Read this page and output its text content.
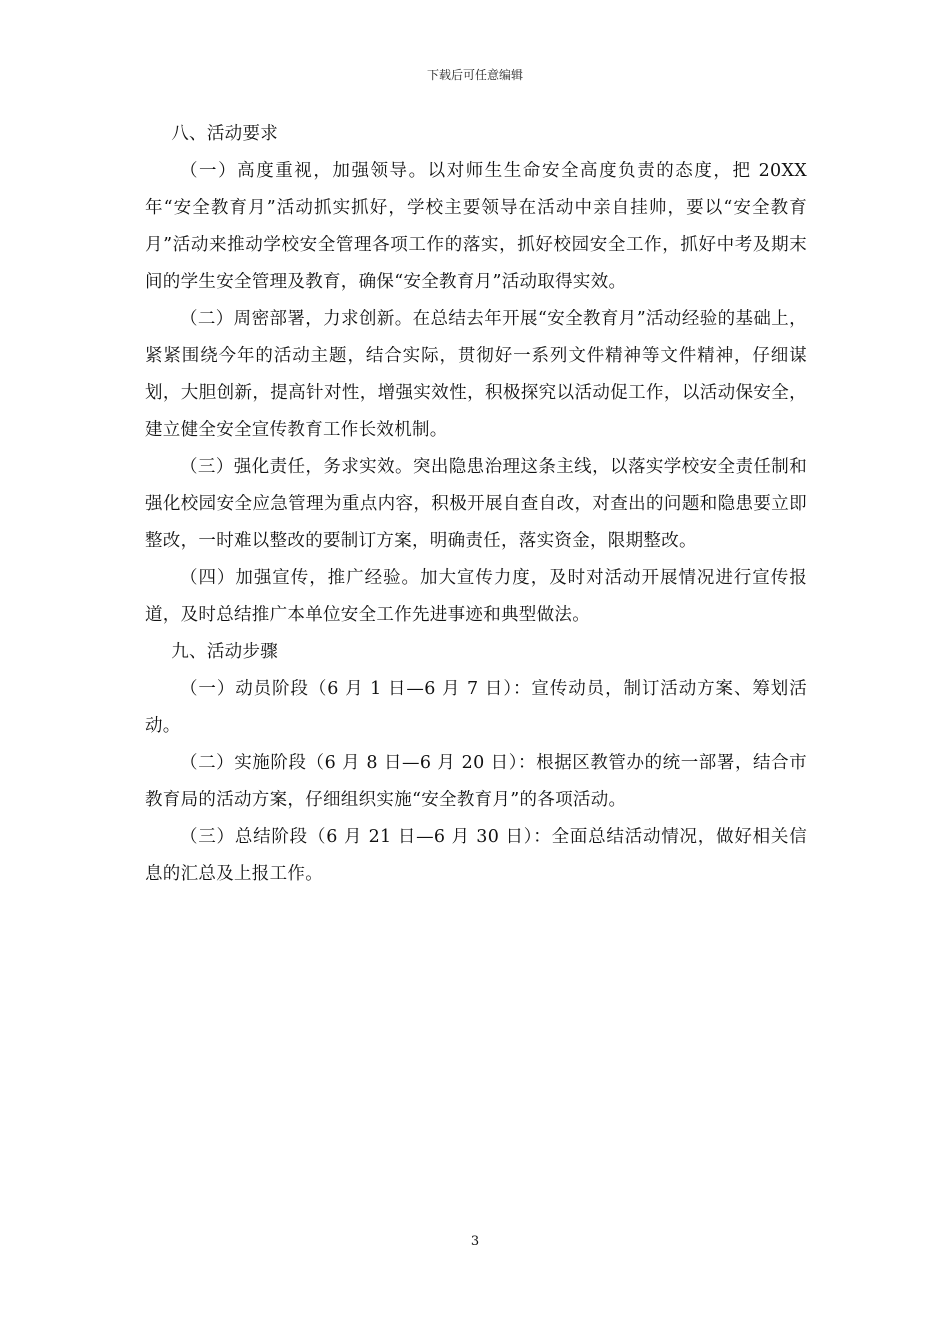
下载后可任意编辑

八、活动要求

（一）高度重视，加强领导。以对师生生命安全高度负责的态度，把 20XX 年“安全教育月”活动抓实抓好，学校主要领导在活动中亲自挂帅，要以“安全教育月”活动来推动学校安全管理各项工作的落实，抓好校园安全工作，抓好中考及期末间的学生安全管理及教育，确保“安全教育月”活动取得实效。

（二）周密部署，力求创新。在总结去年开展“安全教育月”活动经验的基础上，紧紧围绕今年的活动主题，结合实际，贯彻好一系列文件精神等文件精神，仔细谋划，大胆创新，提高针对性，增强实效性，积极探究以活动促工作，以活动保安全，建立健全安全宣传教育工作长效机制。

（三）强化责任，务求实效。突出隐患治理这条主线，以落实学校安全责任制和强化校园安全应急管理为重点内容，积极开展自查自改，对查出的问题和隐患要立即整改，一时难以整改的要制订方案，明确责任，落实资金，限期整改。

（四）加强宣传，推广经验。加大宣传力度，及时对活动开展情况进行宣传报道，及时总结推广本单位安全工作先进事迹和典型做法。

九、活动步骤

（一）动员阶段（6 月 1 日—6 月 7 日）：宣传动员，制订活动方案、筹划活动。

（二）实施阶段（6 月 8 日—6 月 20 日）：根据区教管办的统一部署，结合市教育局的活动方案，仔细组织实施“安全教育月”的各项活动。

（三）总结阶段（6 月 21 日—6 月 30 日）：全面总结活动情况，做好相关信息的汇总及上报工作。

3
